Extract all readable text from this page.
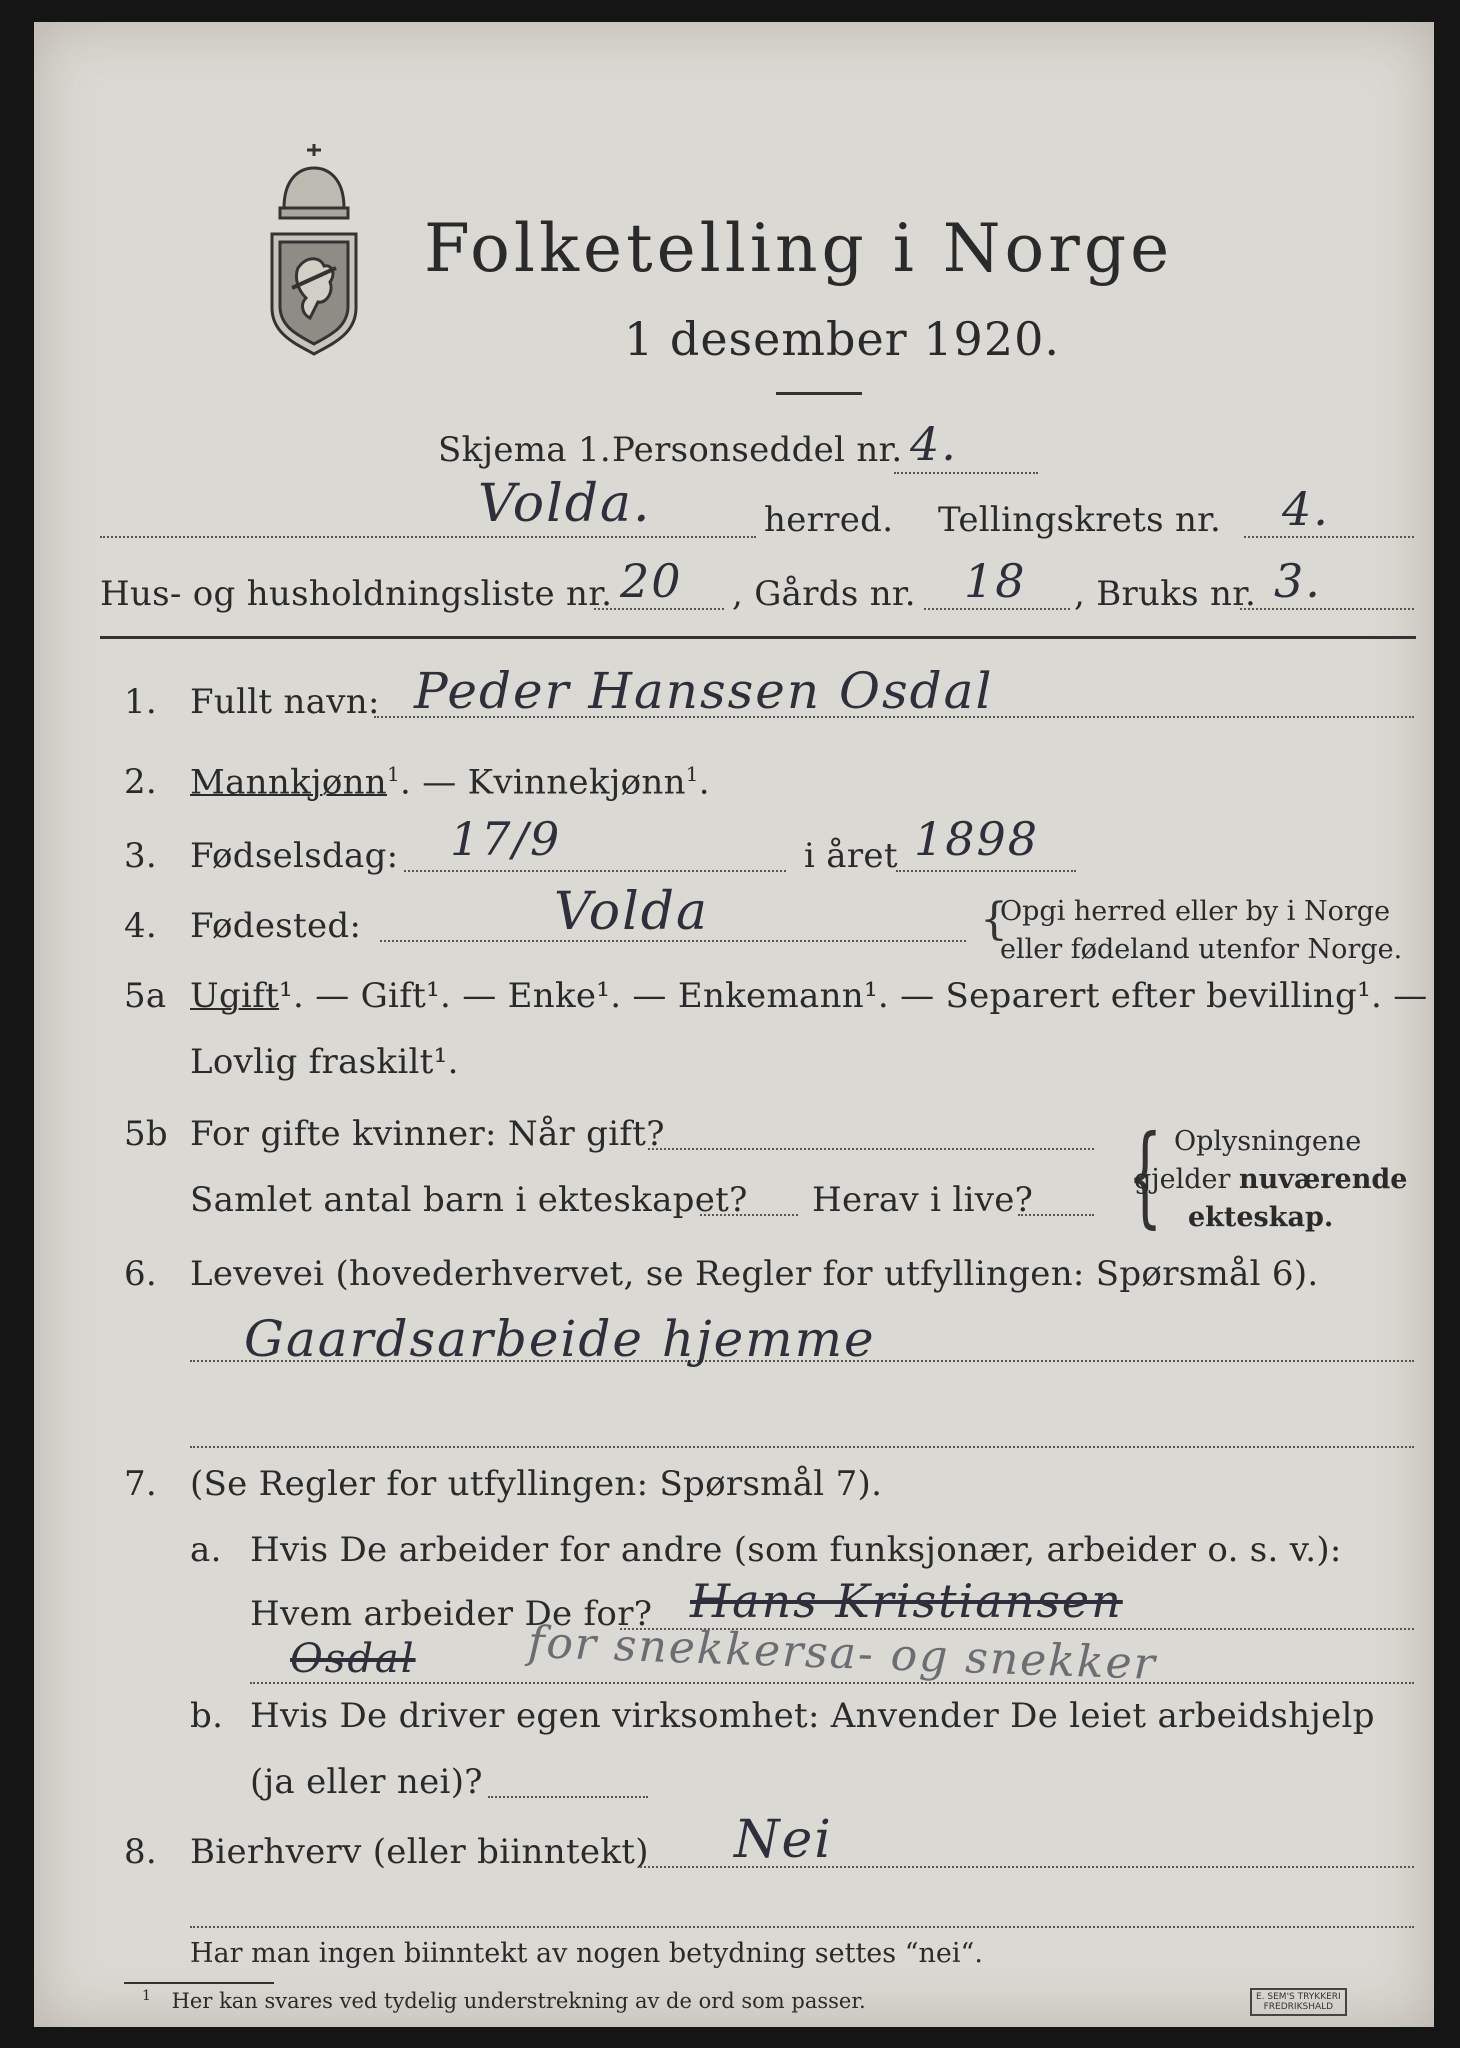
Folketelling i Norge
1 desember 1920.
Skjema 1. Personseddel nr. 4.
Volda.	herred. Tellingskrets nr. 4.
Hus- og husholdningsliste nr. 20 , Gårds nr. 18 , Bruks nr. 3.
1. Fullt navn: Peder Hanssen Osdal
2. Mannkjønn$^1$. — Kvinnekjønn$^1$.
3. Fødselsdag: 17/9	i året 1898
4. Fødested:	Volda	{
Opgi herred eller by i Norge
eller fødeland utenfor Norge.
5a Ugift¹. — Gift¹. — Enke¹. — Enkemann¹. — Separert efter bevilling¹. —
Lovlig fraskilt¹.
5b For gifte kvinner: Når gift?
Samlet antal barn i ekteskapet? Herav i live? { Oplysningene
gjelder nuværende
ekteskap.
6. Levevei (hovederhvervet, se Regler for utfyllingen: Spørsmål 6).
Gaardsarbeide hjemme
7. (Se Regler for utfyllingen: Spørsmål 7).
a. Hvis De arbeider for andre (som funksjonær, arbeider o. s. v.):
Hvem arbeider De for? Hans Kristiansen
Osdal	for snekkersa- og snekker
b. Hvis De driver egen virksomhet: Anvender De leiet arbeidshjelp
(ja eller nei)?
8. Bierhverv (eller biinntekt) Nei
Har man ingen biinntekt av nogen betydning settes “nei“.
$^1$ Her kan svares ved tydelig understrekning av de ord som passer.	E. SEM'S TRYKKERI
FREDRIKSHALD
